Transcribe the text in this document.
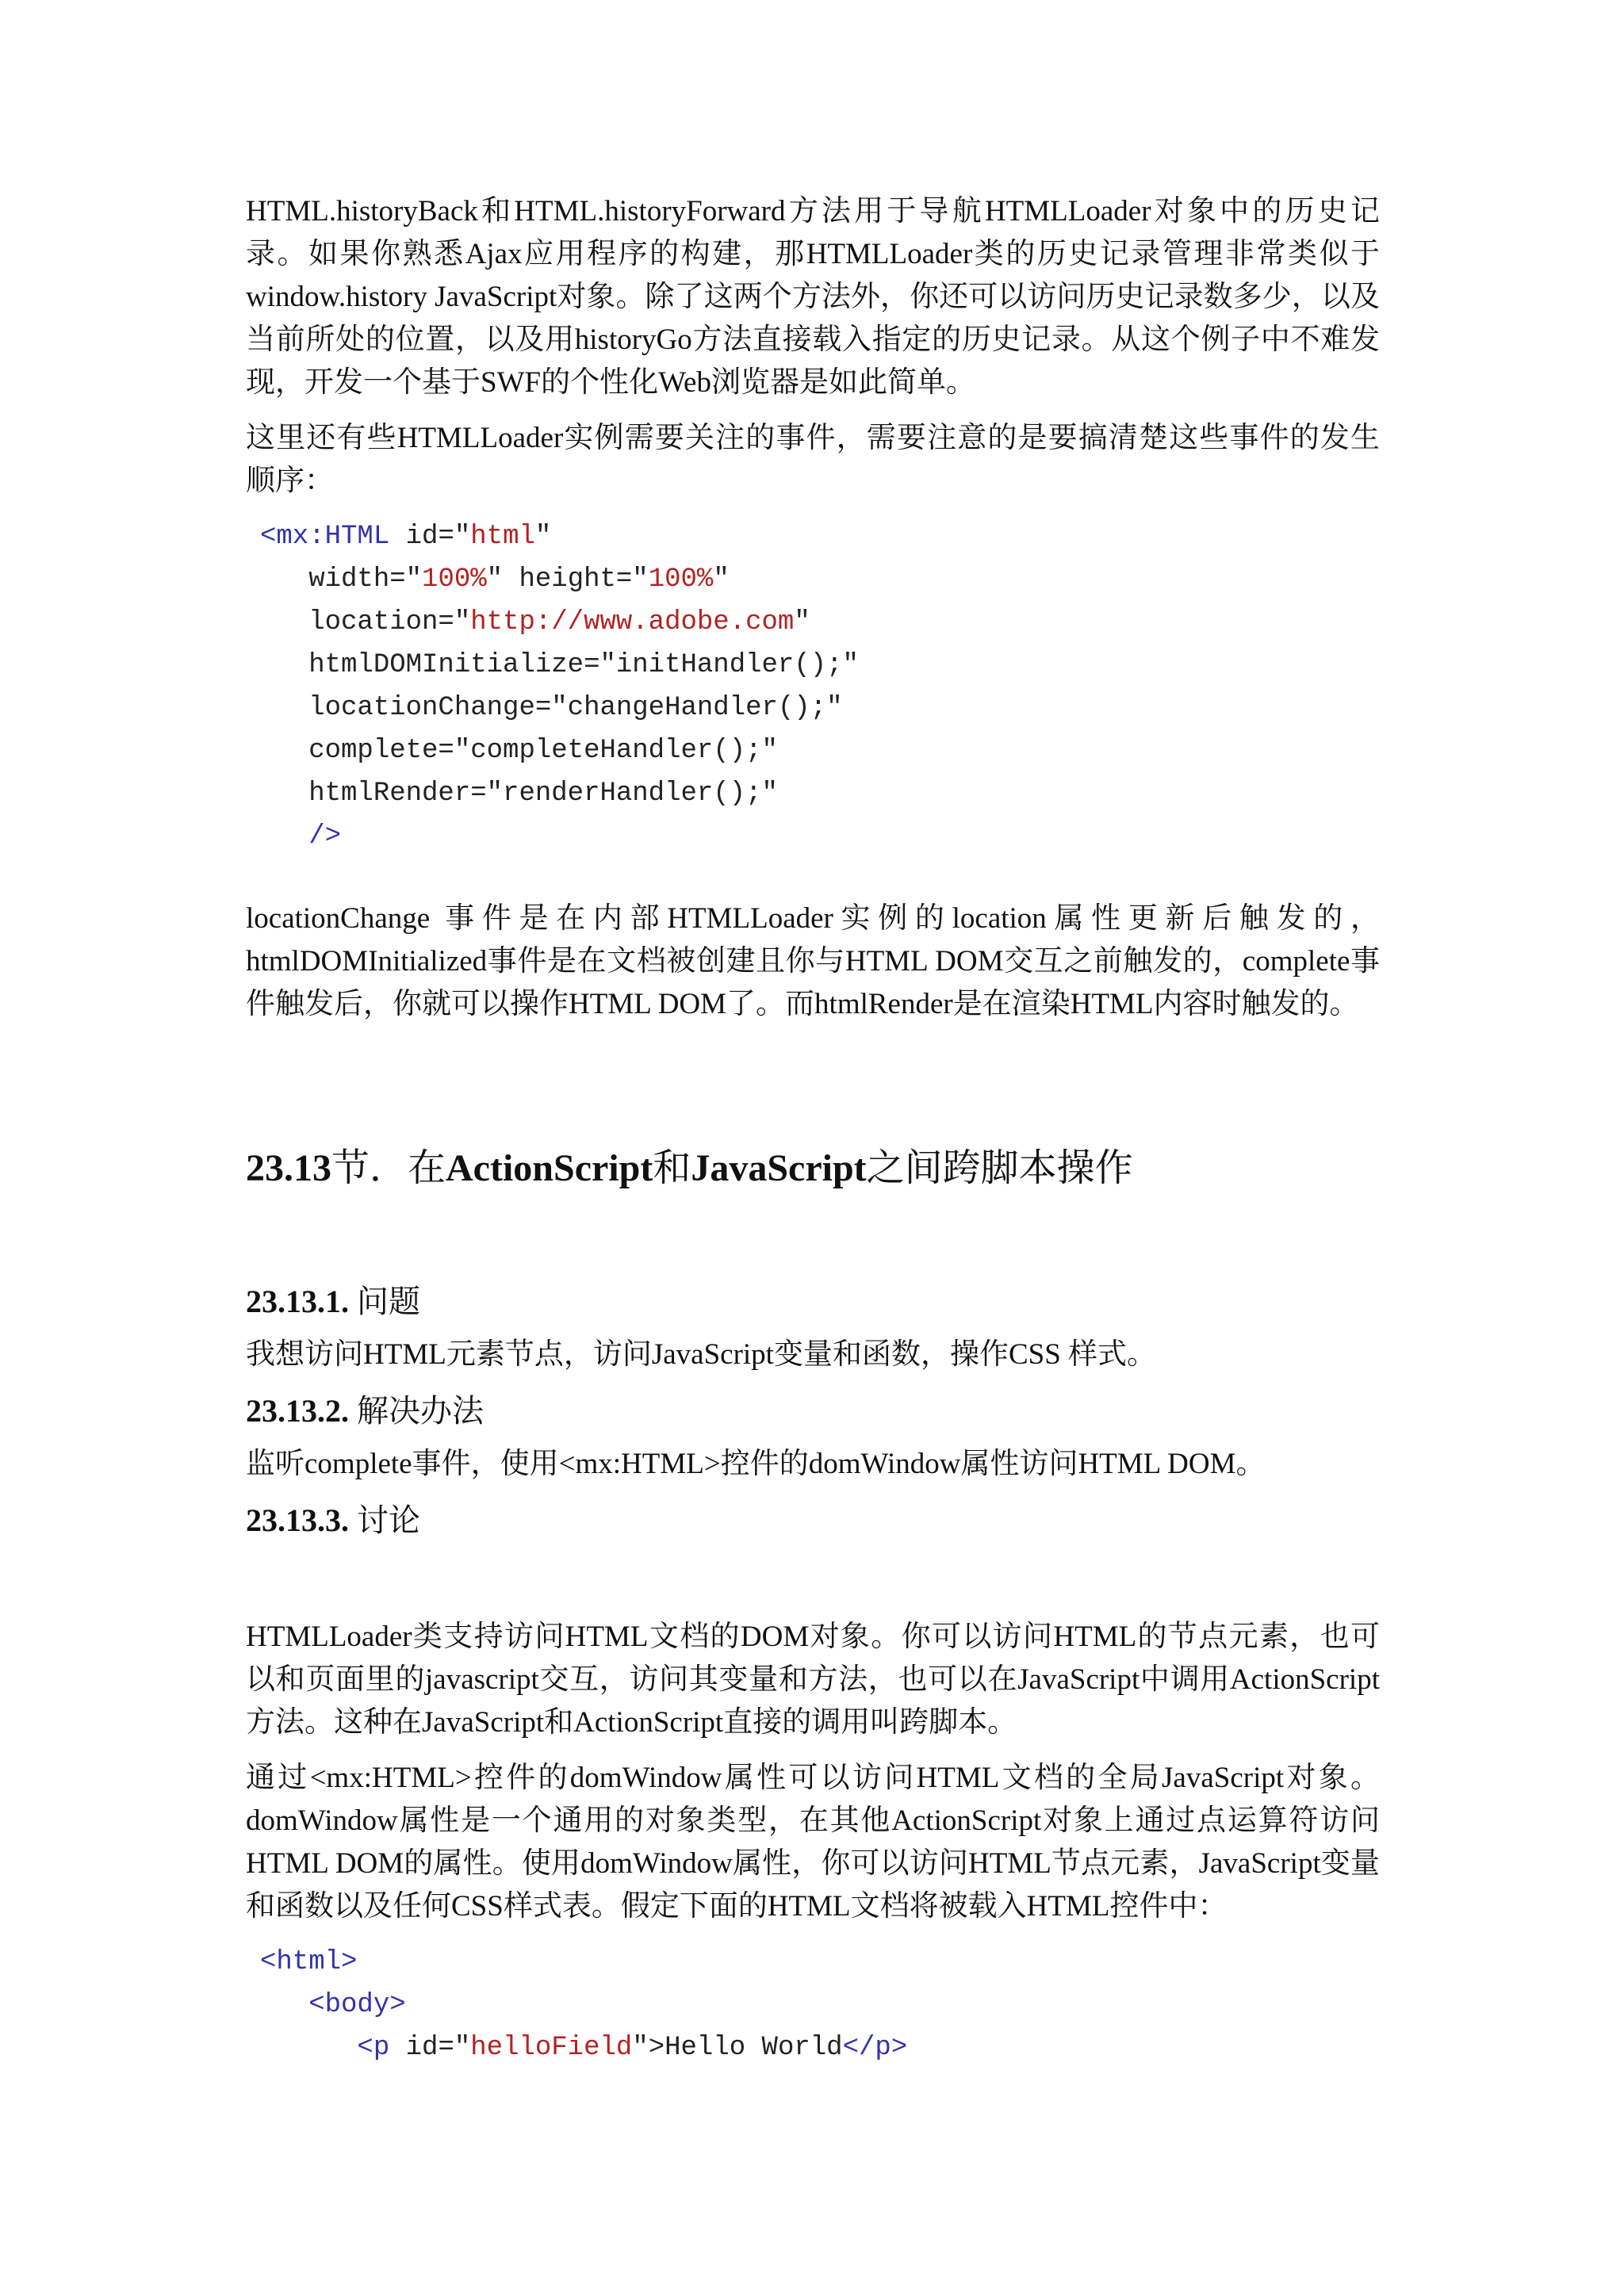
HTML.historyBack和HTML.historyForward方法用于导航HTMLLoader对象中的历史记录。如果你熟悉Ajax应用程序的构建，那HTMLLoader类的历史记录管理非常类似于window.history JavaScript对象。除了这两个方法外，你还可以访问历史记录数多少，以及当前所处的位置，以及用historyGo方法直接载入指定的历史记录。从这个例子中不难发现，开发一个基于SWF的个性化Web浏览器是如此简单。

这里还有些HTMLLoader实例需要关注的事件，需要注意的是要搞清楚这些事件的发生顺序：

<mx:HTML id="html"
width="100%" height="100%"
location="http://www.adobe.com"
htmlDOMInitialize="initHandler();"
locationChange="changeHandler();"
complete="completeHandler();"
htmlRender="renderHandler();"
/>

locationChange 事件是在内部HTMLLoader实例的location属性更新后触发的，htmlDOMInitialized事件是在文档被创建且你与HTML DOM交互之前触发的，complete事件触发后，你就可以操作HTML DOM了。而htmlRender是在渲染HTML内容时触发的。

23.13节．在ActionScript和JavaScript之间跨脚本操作
23.13.1. 问题

我想访问HTML元素节点，访问JavaScript变量和函数，操作CSS 样式。

23.13.2. 解决办法

监听complete事件，使用<mx:HTML>控件的domWindow属性访问HTML DOM。

23.13.3. 讨论

HTMLLoader类支持访问HTML文档的DOM对象。你可以访问HTML的节点元素，也可以和页面里的javascript交互，访问其变量和方法，也可以在JavaScript中调用ActionScript方法。这种在JavaScript和ActionScript直接的调用叫跨脚本。

通过<mx:HTML>控件的domWindow属性可以访问HTML文档的全局JavaScript对象。domWindow属性是一个通用的对象类型，在其他ActionScript对象上通过点运算符访问HTML DOM的属性。使用domWindow属性，你可以访问HTML节点元素，JavaScript变量和函数以及任何CSS样式表。假定下面的HTML文档将被载入HTML控件中：

<html>
<body>
<p id="helloField">Hello World</p>
